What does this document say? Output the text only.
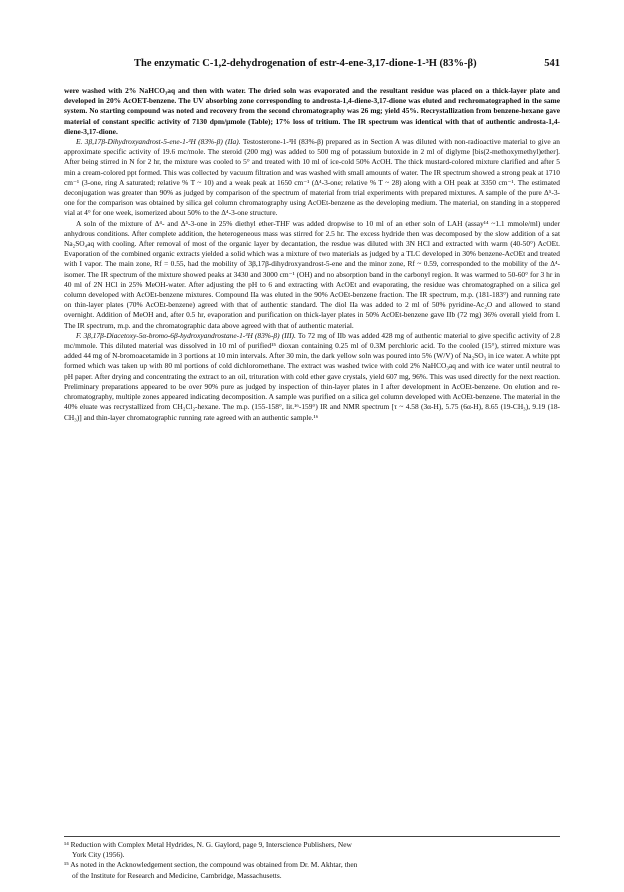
The enzymatic C-1,2-dehydrogenation of estr-4-ene-3,17-dione-1-³H (83%-β)	541

were washed with 2% NaHCO₃aq and then with water. The dried soln was evaporated and the resultant residue was placed on a thick-layer plate and developed in 20% AcOET-benzene. The UV absorbing zone corresponding to androsta-1,4-diene-3,17-dione was eluted and rechromatographed in the same system. No starting compound was noted and recovery from the second chromatography was 26 mg; yield 45%. Recrystallization from benzene-hexane gave material of constant specific activity of 7130 dpm/μmole (Table); 17% loss of tritium. The IR spectrum was identical with that of authentic androsta-1,4-diene-3,17-dione.

E. 3β,17β-Dihydroxyandrost-5-ene-1-³H (83%-β) (IIa). Testosterone-1-³H (83%-β) prepared as in Section A was diluted with non-radioactive material to give an approximate specific activity of 19.6 mc/mole. The steroid (200 mg) was added to 500 mg of potassium butoxide in 2 ml of diglyme [bis(2-methoxymethyl)ether]. After being stirred in N for 2 hr, the mixture was cooled to 5° and treated with 10 ml of ice-cold 50% AcOH. The thick mustard-colored mixture clarified and after 5 min a cream-colored ppt formed. This was collected by vacuum filtration and was washed with small amounts of water. The IR spectrum showed a strong peak at 1710 cm⁻¹ (3-one, ring A saturated; relative % T ~ 10) and a weak peak at 1650 cm⁻¹ (Δ⁴-3-one; relative % T ~ 28) along with a OH peak at 3350 cm⁻¹. The estimated deconjugation was greater than 90% as judged by comparison of the spectrum of material from trial experiments with prepared mixtures. A sample of the pure Δ⁵-3-one for the comparison was obtained by silica gel column chromatography using AcOEt-benzene as the developing medium. The material, on standing in a stoppered vial at 4° for one week, isomerized about 50% to the Δ⁴-3-one structure.

A soln of the mixture of Δ⁴- and Δ⁵-3-one in 25% diethyl ether-THF was added dropwise to 10 ml of an ether soln of LAH (assay¹⁴ ~1.1 mmole/ml) under anhydrous conditions. After complete addition, the heterogeneous mass was stirred for 2.5 hr. The excess hydride then was decomposed by the slow addition of a sat Na₂SO₄aq with cooling. After removal of most of the organic layer by decantation, the resdue was diluted with 3N HCl and extracted with warm (40-50°) AcOEt. Evaporation of the combined organic extracts yielded a solid which was a mixture of two materials as judged by a TLC developed in 30% benzene-AcOEt and treated with I vapor. The main zone, Rf = 0.55, had the mobility of 3β,17β-dihydroxyandrost-5-ene and the minor zone, Rf ~ 0.59, corresponded to the mobility of the Δ⁴-isomer. The IR spectrum of the mixture showed peaks at 3430 and 3000 cm⁻¹ (OH) and no absorption band in the carbonyl region. It was warmed to 50-60° for 3 hr in 40 ml of 2N HCl in 25% MeOH-water. After adjusting the pH to 6 and extracting with AcOEt and evaporating, the residue was chromatographed on a silica gel column developed with AcOEt-benzene mixtures. Compound IIa was eluted in the 90% AcOEt-benzene fraction. The IR spectrum, m.p. (181-183°) and running rate on thin-layer plates (70% AcOEt-benzene) agreed with that of authentic standard. The diol IIa was added to 2 ml of 50% pyridine-Ac₂O and allowed to stand overnight. Addition of MeOH and, after 0.5 hr, evaporation and purification on thick-layer plates in 50% AcOEt-benzene gave IIb (72 mg) 36% overall yield from I. The IR spectrum, m.p. and the chromatographic data above agreed with that of authentic material.

F. 3β,17β-Diacetoxy-5α-bromo-6β-hydroxyandrostane-1-³H (83%-β) (III). To 72 mg of IIb was added 428 mg of authentic material to give specific activity of 2.8 mc/mmole. This diluted material was dissolved in 10 ml of purified¹⁵ dioxan containing 0.25 ml of 0.3M perchloric acid. To the cooled (15°), stirred mixture was added 44 mg of N-bromoacetamide in 3 portions at 10 min intervals. After 30 min, the dark yellow soln was poured into 5% (W/V) of Na₂SO₃ in ice water. A white ppt formed which was taken up with 80 ml portions of cold dichloromethane. The extract was washed twice with cold 2% NaHCO₃aq and with ice water until neutral to pH paper. After drying and concentrating the extract to an oil, trituration with cold ether gave crystals, yield 607 mg, 96%. This was used directly for the next reaction. Preliminary preparations appeared to be over 90% pure as judged by inspection of thin-layer plates in I after development in AcOEt-benzene. On elution and re-chromatography, multiple zones appeared indicating decomposition. A sample was purified on a silica gel column developed with AcOEt-benzene. The material in the 40% eluate was recrystallized from CH₂Cl₂-hexane. The m.p. (155-158°, lit.¹⁶-159°) IR and NMR spectrum [τ ~ 4.58 (3α-H), 5.75 (6α-H), 8.65 (19-CH₃), 9.19 (18-CH₃)] and thin-layer chromatographic running rate agreed with an authentic sample.¹⁶

¹⁴ Reduction with Complex Metal Hydrides, N. G. Gaylord, page 9, Interscience Publishers, New

York City (1956).

¹⁵ As noted in the Acknowledgement section, the compound was obtained from Dr. M. Akhtar, then

of the Institute for Research and Medicine, Cambridge, Massachusetts.
